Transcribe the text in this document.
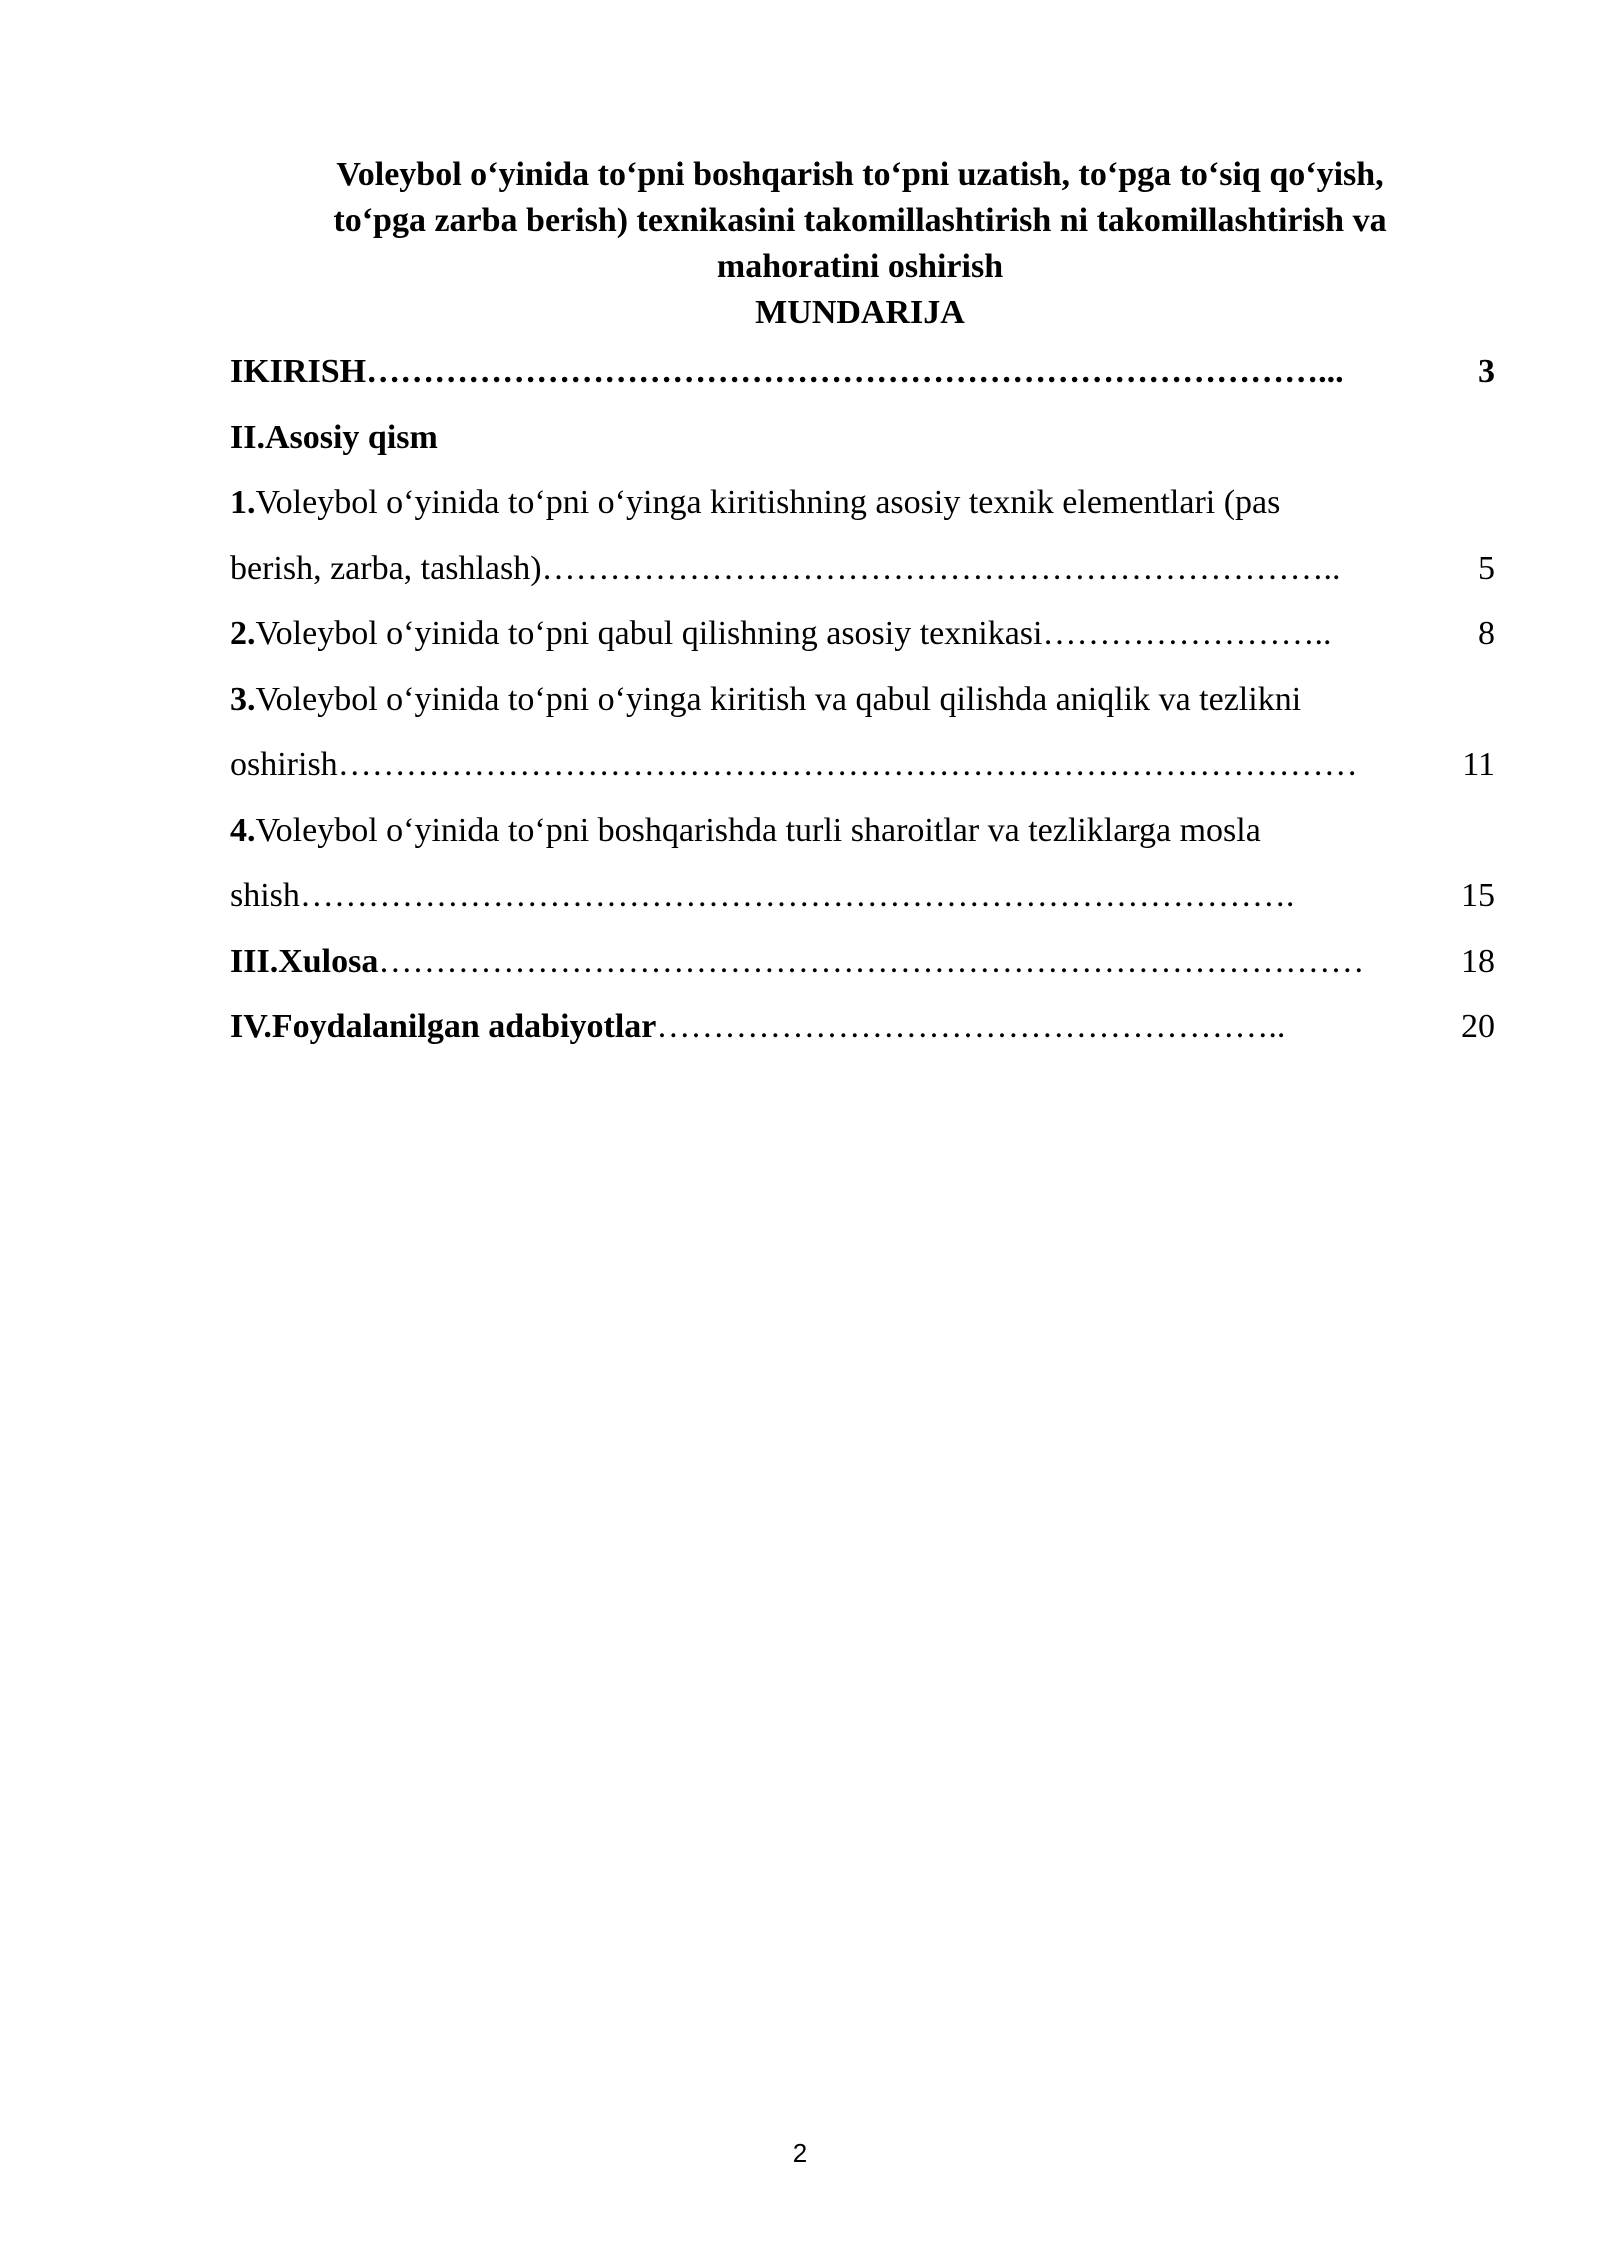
Voleybol o‘yinida to‘pni boshqarish to‘pni uzatish, to‘pga to‘siq qo‘yish,
to‘pga zarba berish) texnikasini takomillashtirish ni takomillashtirish va
mahoratini oshirish
MUNDARIJA
IKIRISH …………………………………………………………………………...	3
II.Asosiy qism
1. Voleybol o‘yinida to‘pni o‘yinga kiritishning asosiy texnik elementlari (pas
berish, zarba, tashlash) ……………………………………………………………..	5
2. Voleybol o‘yinida to‘pni qabul qilishning asosiy texnikasi ……………………..	8
3. Voleybol o‘yinida to‘pni o‘yinga kiritish va qabul qilishda aniqlik va tezlikni
oshirish ………………………………………………………………………………	11
4. Voleybol o‘yinida to‘pni boshqarishda turli sharoitlar va tezliklarga mosla
shish …………………………………………………………………………….	15
III.Xulosa ……………………………………………………………………………	18
IV.Foydalanilgan adabiyotlar ………………………………………………..	20
2
